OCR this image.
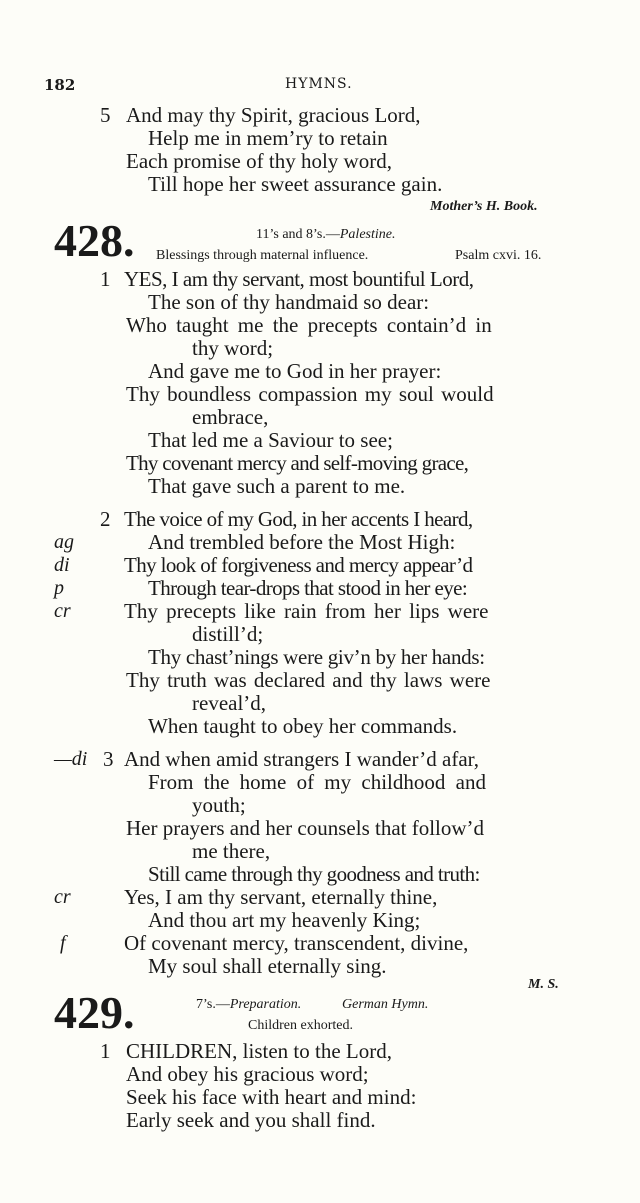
182	HYMNS.
5 And may thy Spirit, gracious Lord,
Help me in mem’ry to retain
Each promise of thy holy word,
Till hope her sweet assurance gain.
Mother’s H. Book.
428.	11’s and 8’s.—Palestine.
Blessings through maternal influence.	Psalm cxvi. 16.
1 YES, I am thy servant, most bountiful Lord,
The son of thy handmaid so dear:
Who taught me the precepts contain’d in
thy word;
And gave me to God in her prayer:
Thy boundless compassion my soul would
embrace,
That led me a Saviour to see;
Thy covenant mercy and self-moving grace,
That gave such a parent to me.
2 The voice of my God, in her accents I heard,
ag	And trembled before the Most High:
di	Thy look of forgiveness and mercy appear’d
p	Through tear-drops that stood in her eye:
cr	Thy precepts like rain from her lips were
distill’d;
Thy chast’nings were giv’n by her hands:
Thy truth was declared and thy laws were
reveal’d,
When taught to obey her commands.
—di 3 And when amid strangers I wander’d afar,
From the home of my childhood and
youth;
Her prayers and her counsels that follow’d
me there,
Still came through thy goodness and truth:
cr	Yes, I am thy servant, eternally thine,
And thou art my heavenly King;
f	Of covenant mercy, transcendent, divine,
My soul shall eternally sing.
M. S.
429.	7’s.—Preparation.	German Hymn.
Children exhorted.
1 CHILDREN, listen to the Lord,
And obey his gracious word;
Seek his face with heart and mind:
Early seek and you shall find.
